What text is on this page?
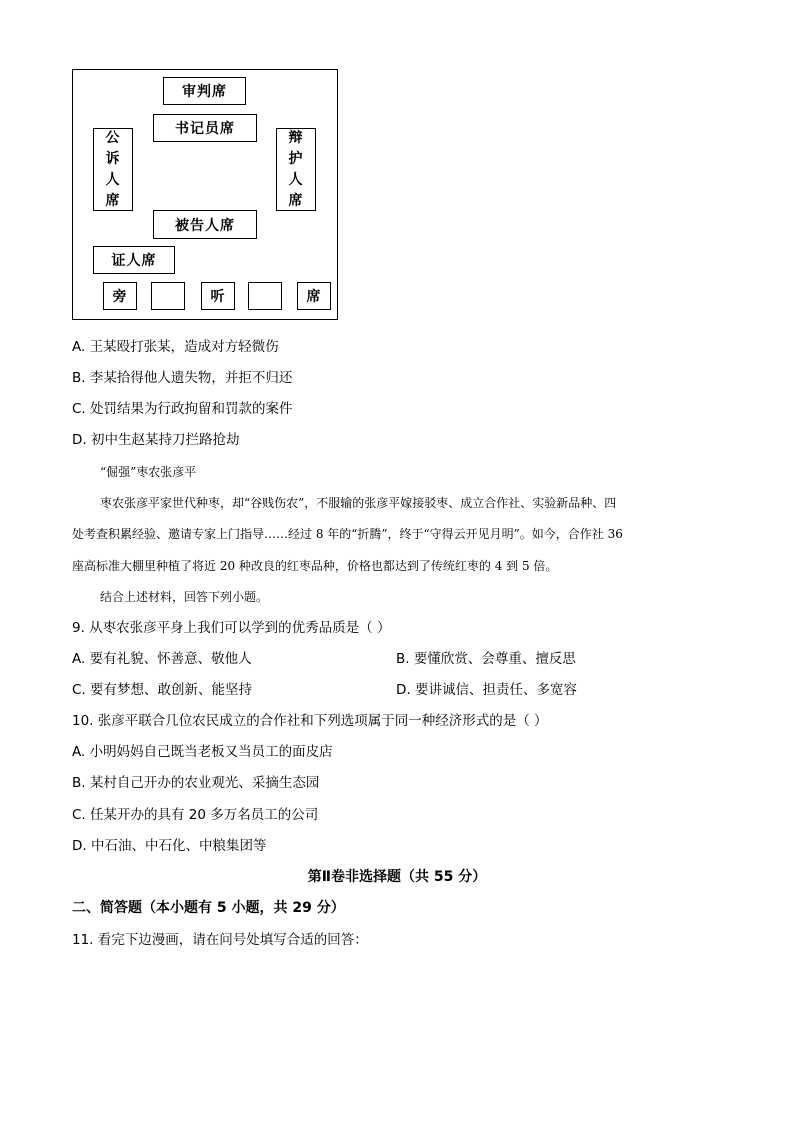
审判席
书记员席
公
诉
人
席
辩
护
人
席
被告人席
证人席
旁	听	席
A. 王某殴打张某，造成对方轻微伤
B. 李某拾得他人遗失物，并拒不归还
C. 处罚结果为行政拘留和罚款的案件
D. 初中生赵某持刀拦路抢劫
“倔强”枣农张彦平
枣农张彦平家世代种枣，却“谷贱伤农”，不服输的张彦平嫁接驳枣、成立合作社、实验新品种、四
处考查积累经验、邀请专家上门指导……经过 8 年的“折腾”，终于“守得云开见月明”。如今，合作社 36
座高标准大棚里种植了将近 20 种改良的红枣品种，价格也都达到了传统红枣的 4 到 5 倍。
结合上述材料，回答下列小题。
9. 从枣农张彦平身上我们可以学到的优秀品质是（ ）
A. 要有礼貌、怀善意、敬他人	B. 要懂欣赏、会尊重、擅反思
C. 要有梦想、敢创新、能坚持	D. 要讲诚信、担责任、多宽容
10. 张彦平联合几位农民成立的合作社和下列选项属于同一种经济形式的是（ ）
A. 小明妈妈自己既当老板又当员工的面皮店
B. 某村自己开办的农业观光、采摘生态园
C. 任某开办的具有 20 多万名员工的公司
D. 中石油、中石化、中粮集团等
第Ⅱ卷非选择题（共 55 分）
二、简答题（本小题有 5 小题，共 29 分）
11. 看完下边漫画，请在问号处填写合适的回答：
